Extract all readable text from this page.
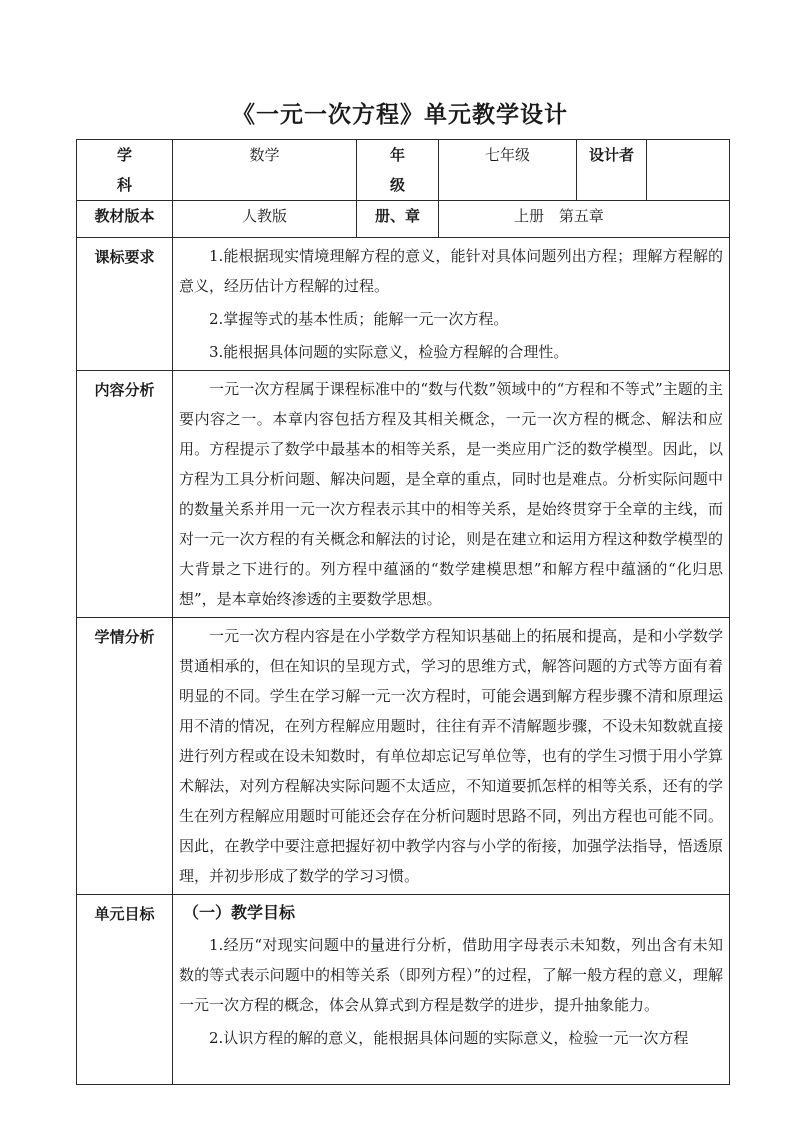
《一元一次方程》单元教学设计
学科	数学	年级	七年级	设计者	
教材版本	人教版	册、章	上册 第五章		
课标要求	1.能根据现实情境理解方程的意义，能针对具体问题列出方程；理解方程解的意义，经历估计方程解的过程。

2.掌握等式的基本性质；能解一元一次方程。

3.能根据具体问题的实际意义，检验方程解的合理性。				

内容分析	一元一次方程属于课程标准中的“数与代数”领域中的“方程和不等式”主题的主要内容之一。本章内容包括方程及其相关概念，一元一次方程的概念、解法和应用。方程提示了数学中最基本的相等关系，是一类应用广泛的数学模型。因此，以方程为工具分析问题、解决问题，是全章的重点，同时也是难点。分析实际问题中的数量关系并用一元一次方程表示其中的相等关系，是始终贯穿于全章的主线，而对一元一次方程的有关概念和解法的讨论，则是在建立和运用方程这种数学模型的大背景之下进行的。列方程中蕴涵的“数学建模思想”和解方程中蕴涵的“化归思想”，是本章始终渗透的主要数学思想。				

学情分析	一元一次方程内容是在小学数学方程知识基础上的拓展和提高，是和小学数学贯通相承的，但在知识的呈现方式，学习的思维方式，解答问题的方式等方面有着明显的不同。学生在学习解一元一次方程时，可能会遇到解方程步骤不清和原理运用不清的情况，在列方程解应用题时，往往有弄不清解题步骤，不设未知数就直接进行列方程或在设未知数时，有单位却忘记写单位等，也有的学生习惯于用小学算术解法，对列方程解决实际问题不太适应，不知道要抓怎样的相等关系，还有的学生在列方程解应用题时可能还会存在分析问题时思路不同，列出方程也可能不同。因此，在教学中要注意把握好初中教学内容与小学的衔接，加强学法指导，悟透原理，并初步形成了数学的学习习惯。				

单元目标	（一）教学目标

1.经历“对现实问题中的量进行分析，借助用字母表示未知数，列出含有未知数的等式表示问题中的相等关系（即列方程）”的过程，了解一般方程的意义，理解一元一次方程的概念，体会从算式到方程是数学的进步，提升抽象能力。

2.认识方程的解的意义，能根据具体问题的实际意义，检验一元一次方程				
